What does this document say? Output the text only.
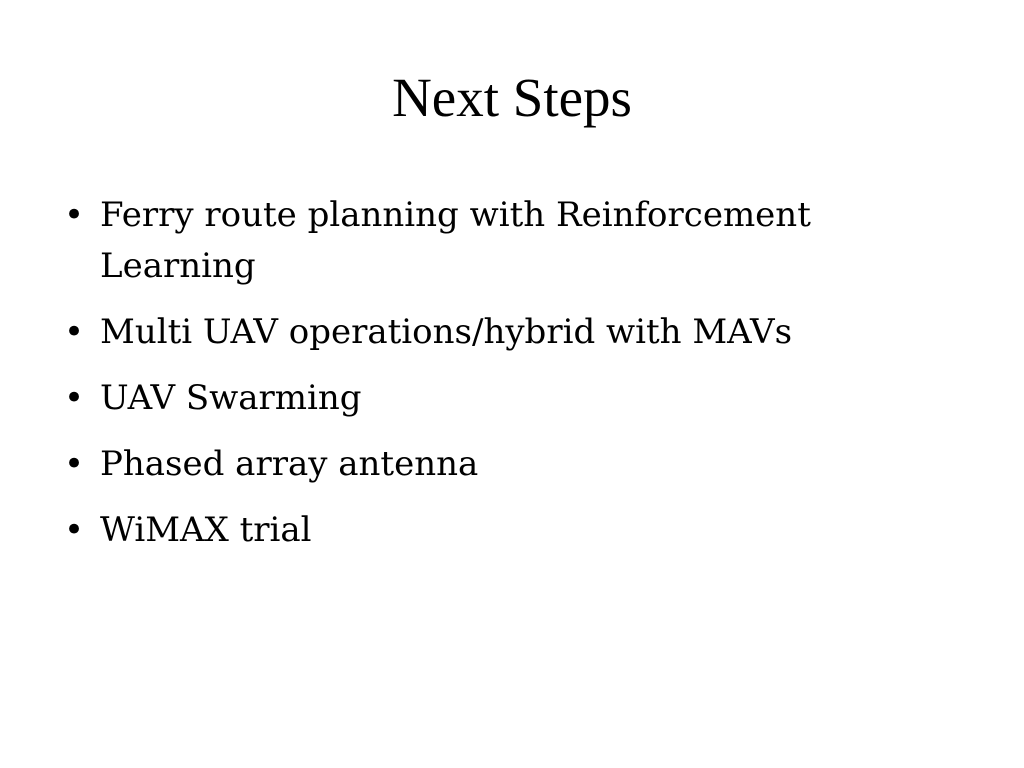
Next Steps
• Ferry route planning with Reinforcement Learning
• Multi UAV operations/hybrid with MAVs
• UAV Swarming
• Phased array antenna
• WiMAX trial
